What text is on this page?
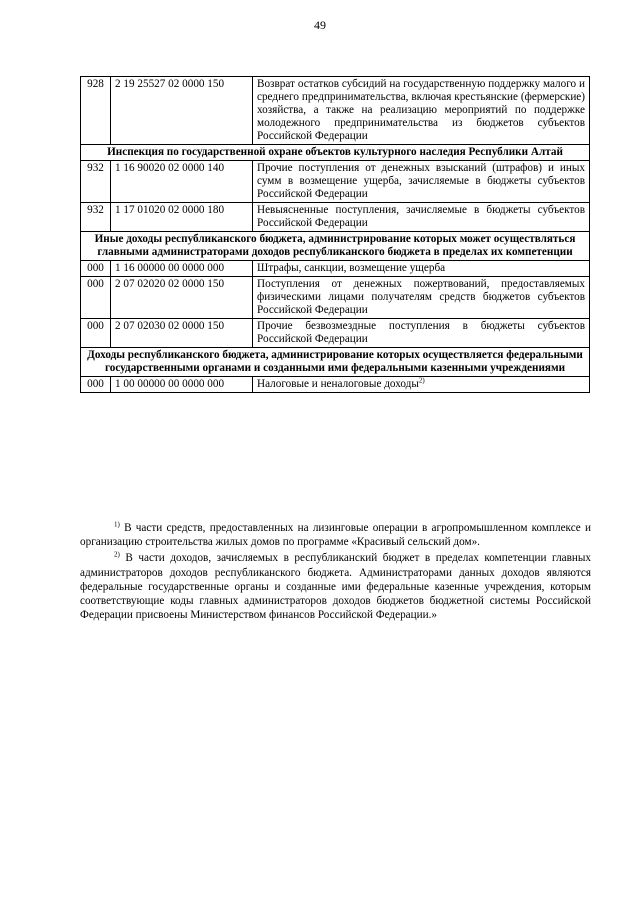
49
928	2 19 25527 02 0000 150	Возврат остатков субсидий на государственную поддержку малого и среднего предпринимательства, включая крестьянские (фермерские) хозяйства, а также на реализацию мероприятий по поддержке молодежного предпринимательства из бюджетов субъектов Российской Федерации
Инспекция по государственной охране объектов культурного наследия Республики Алтай		
932	1 16 90020 02 0000 140	Прочие поступления от денежных взысканий (штрафов) и иных сумм в возмещение ущерба, зачисляемые в бюджеты субъектов Российской Федерации
932	1 17 01020 02 0000 180	Невыясненные поступления, зачисляемые в бюджеты субъектов Российской Федерации
Иные доходы республиканского бюджета, администрирование которых может осуществляться главными администраторами доходов республиканского бюджета в пределах их компетенции		
000	1 16 00000 00 0000 000	Штрафы, санкции, возмещение ущерба
000	2 07 02020 02 0000 150	Поступления от денежных пожертвований, предоставляемых физическими лицами получателям средств бюджетов субъектов Российской Федерации
000	2 07 02030 02 0000 150	Прочие безвозмездные поступления в бюджеты субъектов Российской Федерации
Доходы республиканского бюджета, администрирование которых осуществляется федеральными государственными органами и созданными ими федеральными казенными учреждениями		
000	1 00 00000 00 0000 000	Налоговые и неналоговые доходы$^{2)}$

$^{1)}$ В части средств, предоставленных на лизинговые операции в агропромышленном комплексе и организацию строительства жилых домов по программе «Красивый сельский дом».

$^{2)}$ В части доходов, зачисляемых в республиканский бюджет в пределах компетенции главных администраторов доходов республиканского бюджета. Администраторами данных доходов являются федеральные государственные органы и созданные ими федеральные казенные учреждения, которым соответствующие коды главных администраторов доходов бюджетов бюджетной системы Российской Федерации присвоены Министерством финансов Российской Федерации.»
